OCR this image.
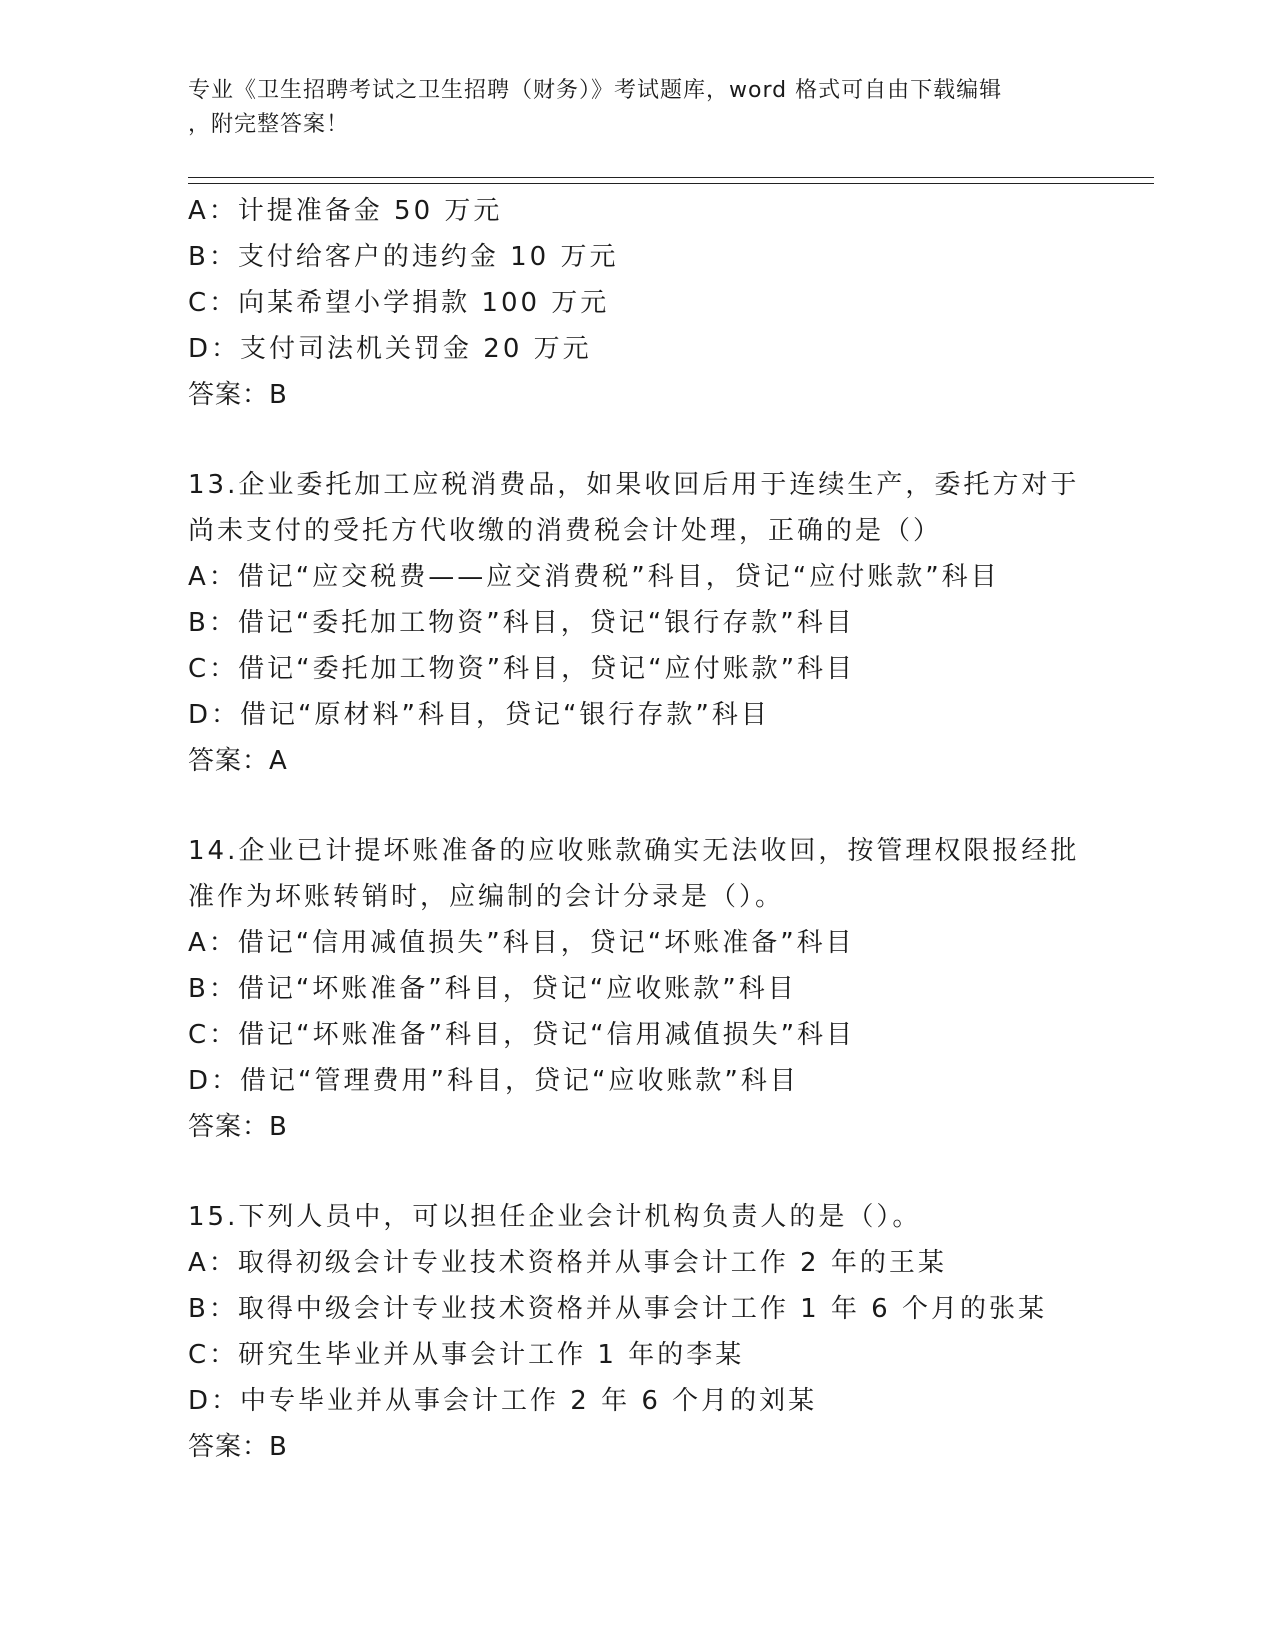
专业《卫生招聘考试之卫生招聘（财务）》考试题库，word 格式可自由下载编辑
，附完整答案！

A：计提准备金 50 万元

B：支付给客户的违约金 10 万元

C：向某希望小学捐款 100 万元

D：支付司法机关罚金 20 万元

答案：B

13.企业委托加工应税消费品，如果收回后用于连续生产，委托方对于

尚未支付的受托方代收缴的消费税会计处理，正确的是（）

A：借记“应交税费——应交消费税”科目，贷记“应付账款”科目

B：借记“委托加工物资”科目，贷记“银行存款”科目

C：借记“委托加工物资”科目，贷记“应付账款”科目

D：借记“原材料”科目，贷记“银行存款”科目

答案：A

14.企业已计提坏账准备的应收账款确实无法收回，按管理权限报经批

准作为坏账转销时，应编制的会计分录是（）。

A：借记“信用减值损失”科目，贷记“坏账准备”科目

B：借记“坏账准备”科目，贷记“应收账款”科目

C：借记“坏账准备”科目，贷记“信用减值损失”科目

D：借记“管理费用”科目，贷记“应收账款”科目

答案：B

15.下列人员中，可以担任企业会计机构负责人的是（）。

A：取得初级会计专业技术资格并从事会计工作 2 年的王某

B：取得中级会计专业技术资格并从事会计工作 1 年 6 个月的张某

C：研究生毕业并从事会计工作 1 年的李某

D：中专毕业并从事会计工作 2 年 6 个月的刘某

答案：B
